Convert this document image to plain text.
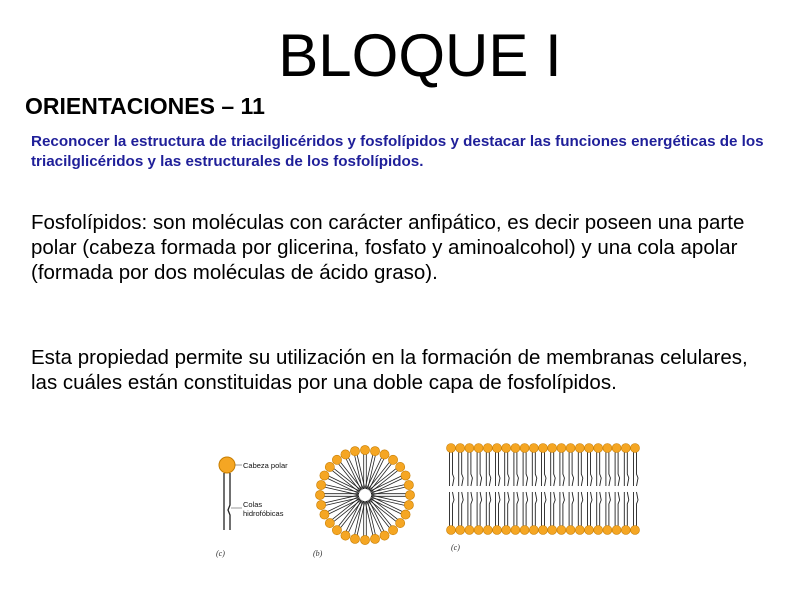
BLOQUE I
ORIENTACIONES – 11
Reconocer la estructura de triacilglicéridos y fosfolípidos y destacar las funciones energéticas de los triacilglicéridos y las estructurales de los fosfolípidos.
Fosfolípidos: son moléculas con carácter anfipático, es decir poseen una parte polar (cabeza formada por glicerina, fosfato y aminoalcohol) y una cola apolar (formada por dos moléculas de ácido graso).
Esta propiedad permite su utilización en la formación de membranas celulares, las cuáles están constituidas por una doble capa de fosfolípidos.
Cabeza polar
Colas
hidrofóbicas
(c)	(b)
(c)
